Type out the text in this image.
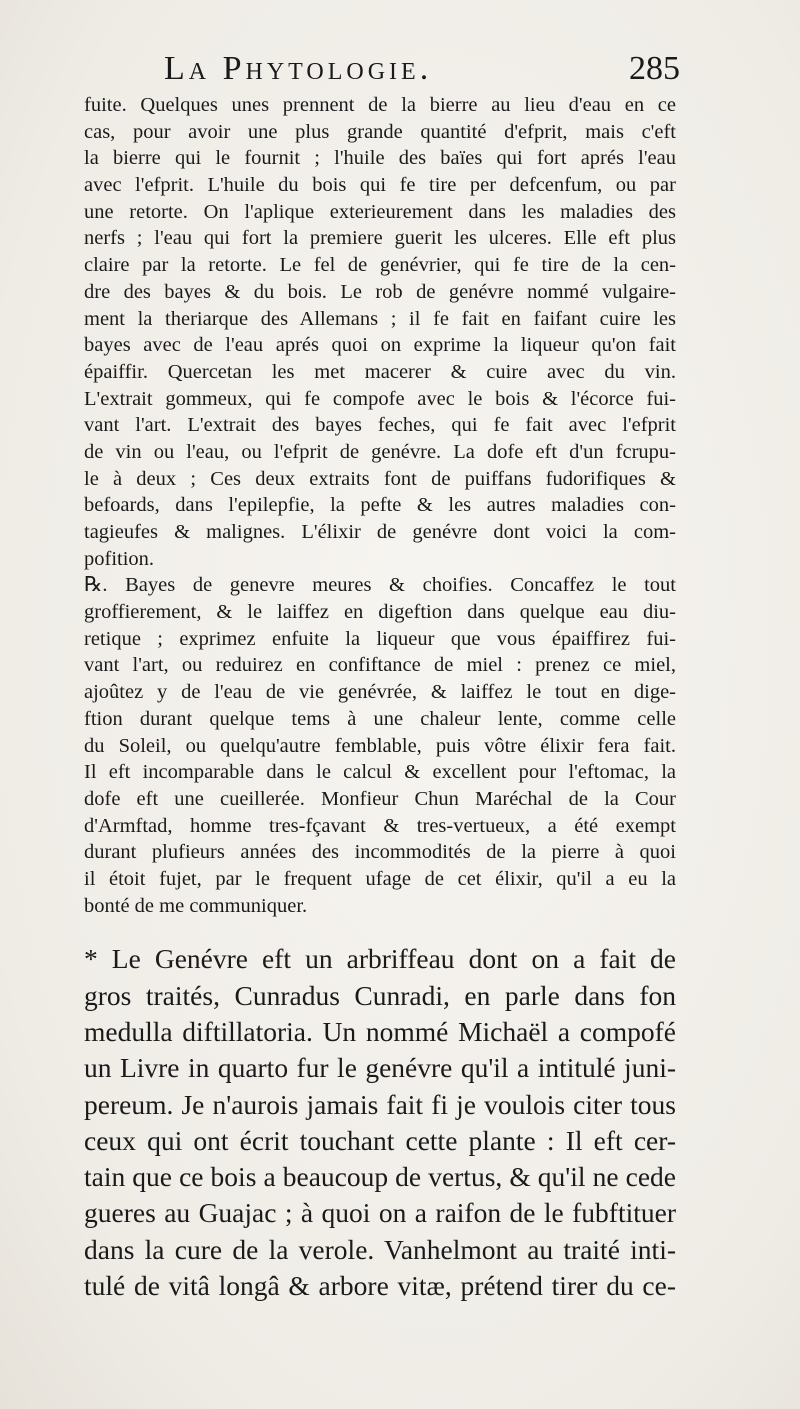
La Phytologie.	285
fuite. Quelques unes prennent de la bierre au lieu d'eau en ce
cas, pour avoir une plus grande quantité d'efprit, mais c'eft
la bierre qui le fournit ; l'huile des baïes qui fort aprés l'eau
avec l'efprit. L'huile du bois qui fe tire per defcenfum, ou par
une retorte. On l'aplique exterieurement dans les maladies des
nerfs ; l'eau qui fort la premiere guerit les ulceres. Elle eft plus
claire par la retorte. Le fel de genévrier, qui fe tire de la cen-
dre des bayes & du bois. Le rob de genévre nommé vulgaire-
ment la theriarque des Allemans ; il fe fait en faifant cuire les
bayes avec de l'eau aprés quoi on exprime la liqueur qu'on fait
épaiffir. Quercetan les met macerer & cuire avec du vin.
L'extrait gommeux, qui fe compofe avec le bois & l'écorce fui-
vant l'art. L'extrait des bayes feches, qui fe fait avec l'efprit
de vin ou l'eau, ou l'efprit de genévre. La dofe eft d'un fcrupu-
le à deux ; Ces deux extraits font de puiffans fudorifiques &
befoards, dans l'epilepfie, la pefte & les autres maladies con-
tagieufes & malignes. L'élixir de genévre dont voici la com-
pofition.
℞. Bayes de genevre meures & choifies. Concaffez le tout
groffierement, & le laiffez en digeftion dans quelque eau diu-
retique ; exprimez enfuite la liqueur que vous épaiffirez fui-
vant l'art, ou reduirez en confiftance de miel : prenez ce miel,
ajoûtez y de l'eau de vie genévrée, & laiffez le tout en dige-
ftion durant quelque tems à une chaleur lente, comme celle
du Soleil, ou quelqu'autre femblable, puis vôtre élixir fera fait.
Il eft incomparable dans le calcul & excellent pour l'eftomac, la
dofe eft une cueillerée. Monfieur Chun Maréchal de la Cour
d'Armftad, homme tres-fçavant & tres-vertueux, a été exempt
durant plufieurs années des incommodités de la pierre à quoi
il étoit fujet, par le frequent ufage de cet élixir, qu'il a eu la
bonté de me communiquer.
* Le Genévre eft un arbriffeau dont on a fait de
gros traités, Cunradus Cunradi, en parle dans fon
medulla diftillatoria. Un nommé Michaël a compofé
un Livre in quarto fur le genévre qu'il a intitulé juni-
pereum. Je n'aurois jamais fait fi je voulois citer tous
ceux qui ont écrit touchant cette plante : Il eft cer-
tain que ce bois a beaucoup de vertus, & qu'il ne cede
gueres au Guajac ; à quoi on a raifon de le fubftituer
dans la cure de la verole. Vanhelmont au traité inti-
tulé de vitâ longâ & arbore vitæ, prétend tirer du ce-
